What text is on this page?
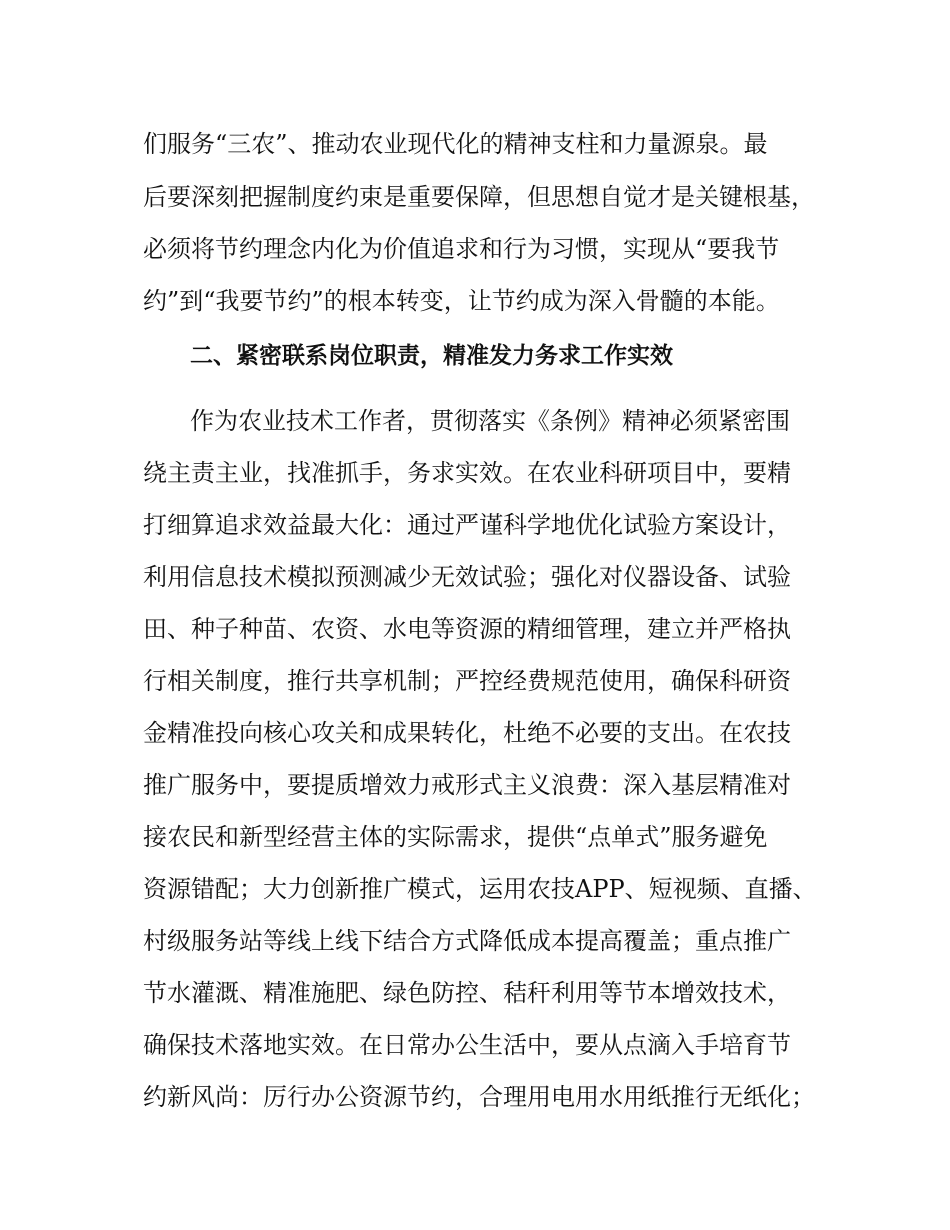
们服务“三农”、推动农业现代化的精神支柱和力量源泉。最

后要深刻把握制度约束是重要保障，但思想自觉才是关键根基，

必须将节约理念内化为价值追求和行为习惯，实现从“要我节

约”到“我要节约”的根本转变，让节约成为深入骨髓的本能。

二、紧密联系岗位职责，精准发力务求工作实效

作为农业技术工作者，贯彻落实《条例》精神必须紧密围

绕主责主业，找准抓手，务求实效。在农业科研项目中，要精

打细算追求效益最大化：通过严谨科学地优化试验方案设计，

利用信息技术模拟预测减少无效试验；强化对仪器设备、试验

田、种子种苗、农资、水电等资源的精细管理，建立并严格执

行相关制度，推行共享机制；严控经费规范使用，确保科研资

金精准投向核心攻关和成果转化，杜绝不必要的支出。在农技

推广服务中，要提质增效力戒形式主义浪费：深入基层精准对

接农民和新型经营主体的实际需求，提供“点单式”服务避免

资源错配；大力创新推广模式，运用农技APP、短视频、直播、

村级服务站等线上线下结合方式降低成本提高覆盖；重点推广

节水灌溉、精准施肥、绿色防控、秸秆利用等节本增效技术，

确保技术落地实效。在日常办公生活中，要从点滴入手培育节

约新风尚：厉行办公资源节约，合理用电用水用纸推行无纸化；
